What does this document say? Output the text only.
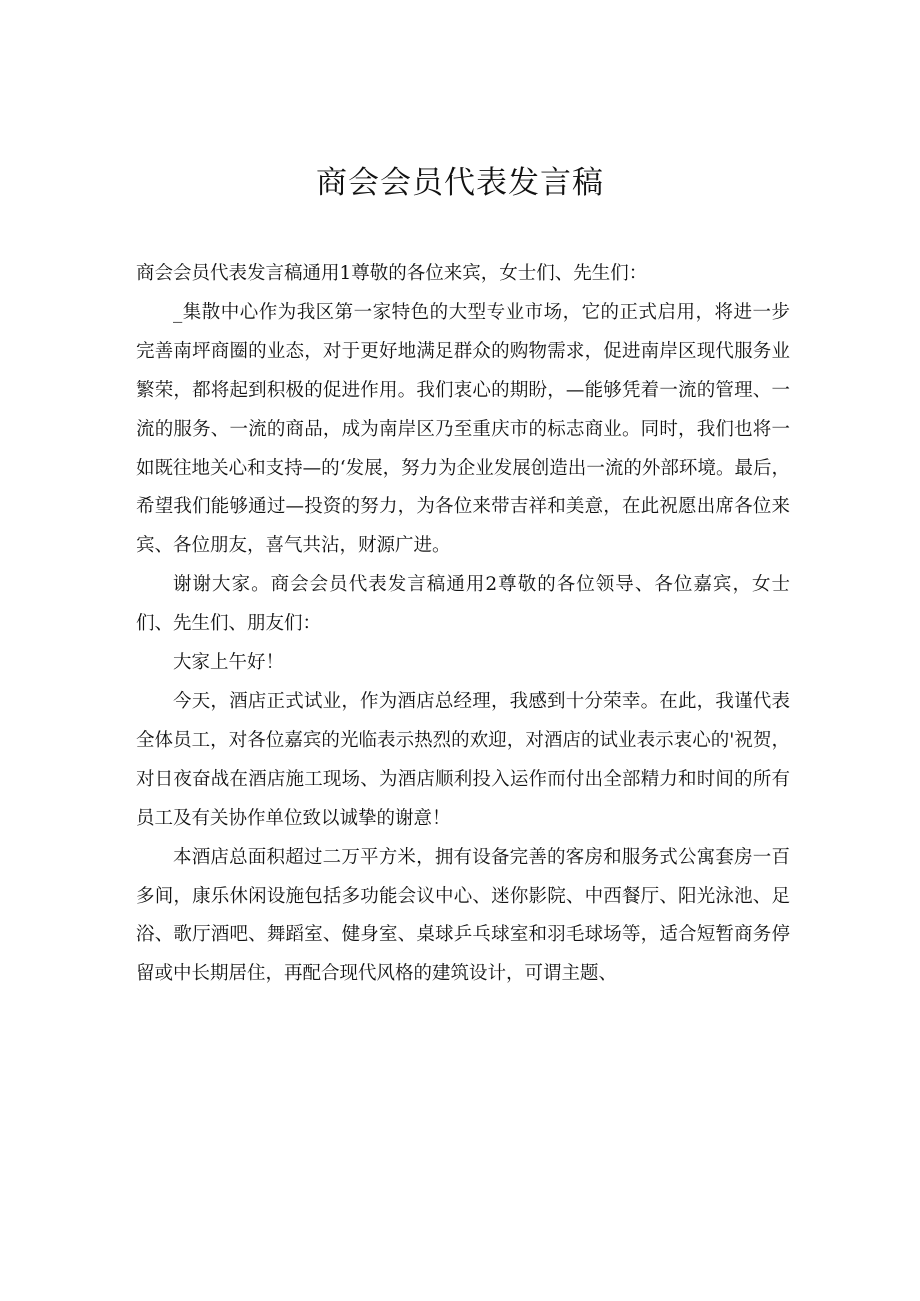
商会会员代表发言稿

商会会员代表发言稿通用1尊敬的各位来宾，女士们、先生们：

_集散中心作为我区第一家特色的大型专业市场，它的正式启用，将进一步完善南坪商圈的业态，对于更好地满足群众的购物需求，促进南岸区现代服务业繁荣，都将起到积极的促进作用。我们衷心的期盼，—能够凭着一流的管理、一流的服务、一流的商品，成为南岸区乃至重庆市的标志商业。同时，我们也将一如既往地关心和支持—的‘发展，努力为企业发展创造出一流的外部环境。最后，希望我们能够通过—投资的努力，为各位来带吉祥和美意，在此祝愿出席各位来宾、各位朋友，喜气共沾，财源广进。

谢谢大家。商会会员代表发言稿通用2尊敬的各位领导、各位嘉宾，女士们、先生们、朋友们：

大家上午好！

今天，酒店正式试业，作为酒店总经理，我感到十分荣幸。在此，我谨代表全体员工，对各位嘉宾的光临表示热烈的欢迎，对酒店的试业表示衷心的'祝贺，对日夜奋战在酒店施工现场、为酒店顺利投入运作而付出全部精力和时间的所有员工及有关协作单位致以诚挚的谢意！

本酒店总面积超过二万平方米，拥有设备完善的客房和服务式公寓套房一百多间，康乐休闲设施包括多功能会议中心、迷你影院、中西餐厅、阳光泳池、足浴、歌厅酒吧、舞蹈室、健身室、桌球乒乓球室和羽毛球场等，适合短暂商务停留或中长期居住，再配合现代风格的建筑设计，可谓主题、
